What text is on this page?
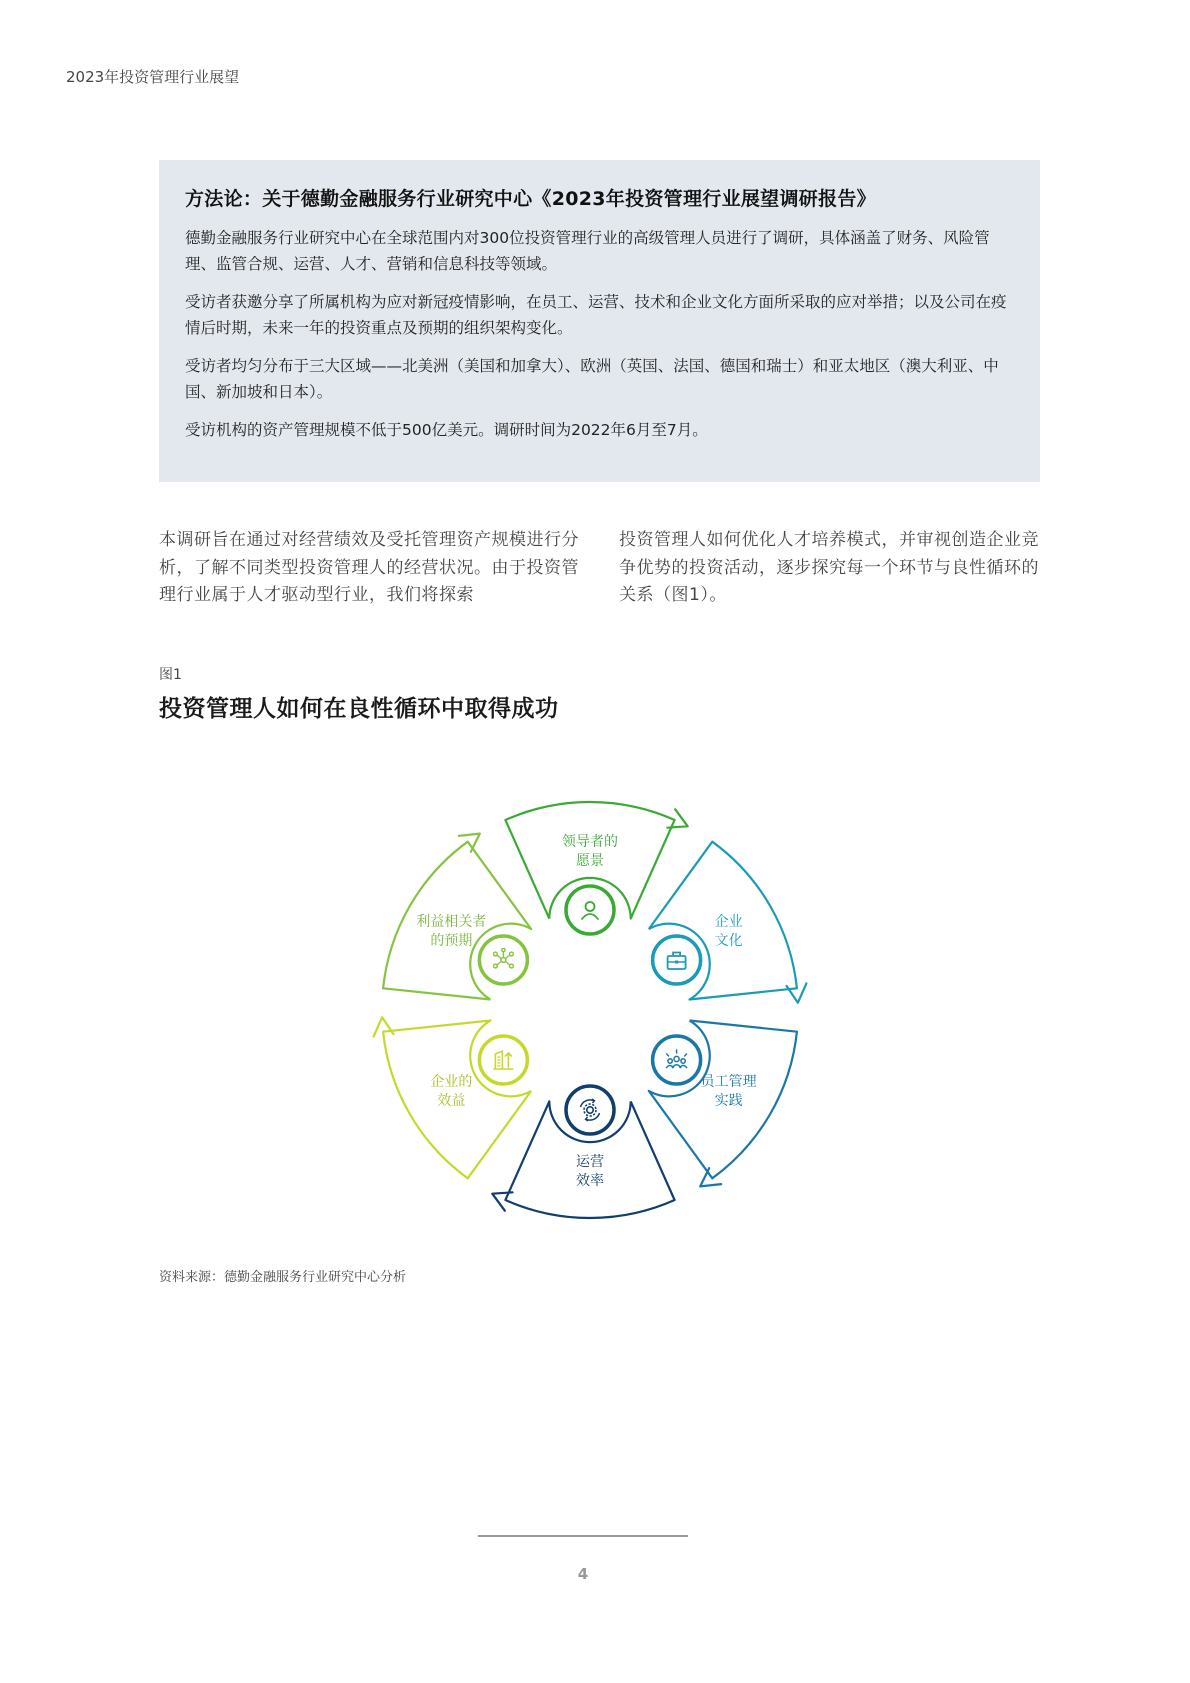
2023年投资管理行业展望
方法论：关于德勤金融服务行业研究中心《2023年投资管理行业展望调研报告》

德勤金融服务行业研究中心在全球范围内对300位投资管理行业的高级管理人员进行了调研，具体涵盖了财务、风险管理、监管合规、运营、人才、营销和信息科技等领域。

受访者获邀分享了所属机构为应对新冠疫情影响，在员工、运营、技术和企业文化方面所采取的应对举措；以及公司在疫情后时期，未来一年的投资重点及预期的组织架构变化。

受访者均匀分布于三大区域——北美洲（美国和加拿大）、欧洲（英国、法国、德国和瑞士）和亚太地区（澳大利亚、中国、新加坡和日本）。

受访机构的资产管理规模不低于500亿美元。调研时间为2022年6月至7月。

本调研旨在通过对经营绩效及受托管理资产规模进行分析，了解不同类型投资管理人的经营状况。由于投资管理行业属于人才驱动型行业，我们将探索

投资管理人如何优化人才培养模式，并审视创造企业竞争优势的投资活动，逐步探究每一个环节与良性循环的关系（图1）。

图1
投资管理人如何在良性循环中取得成功
领导者的
愿景
企业
文化
员工管理
实践
运营
效率
企业的
效益
利益相关者
的预期
资料来源：德勤金融服务行业研究中心分析
4
